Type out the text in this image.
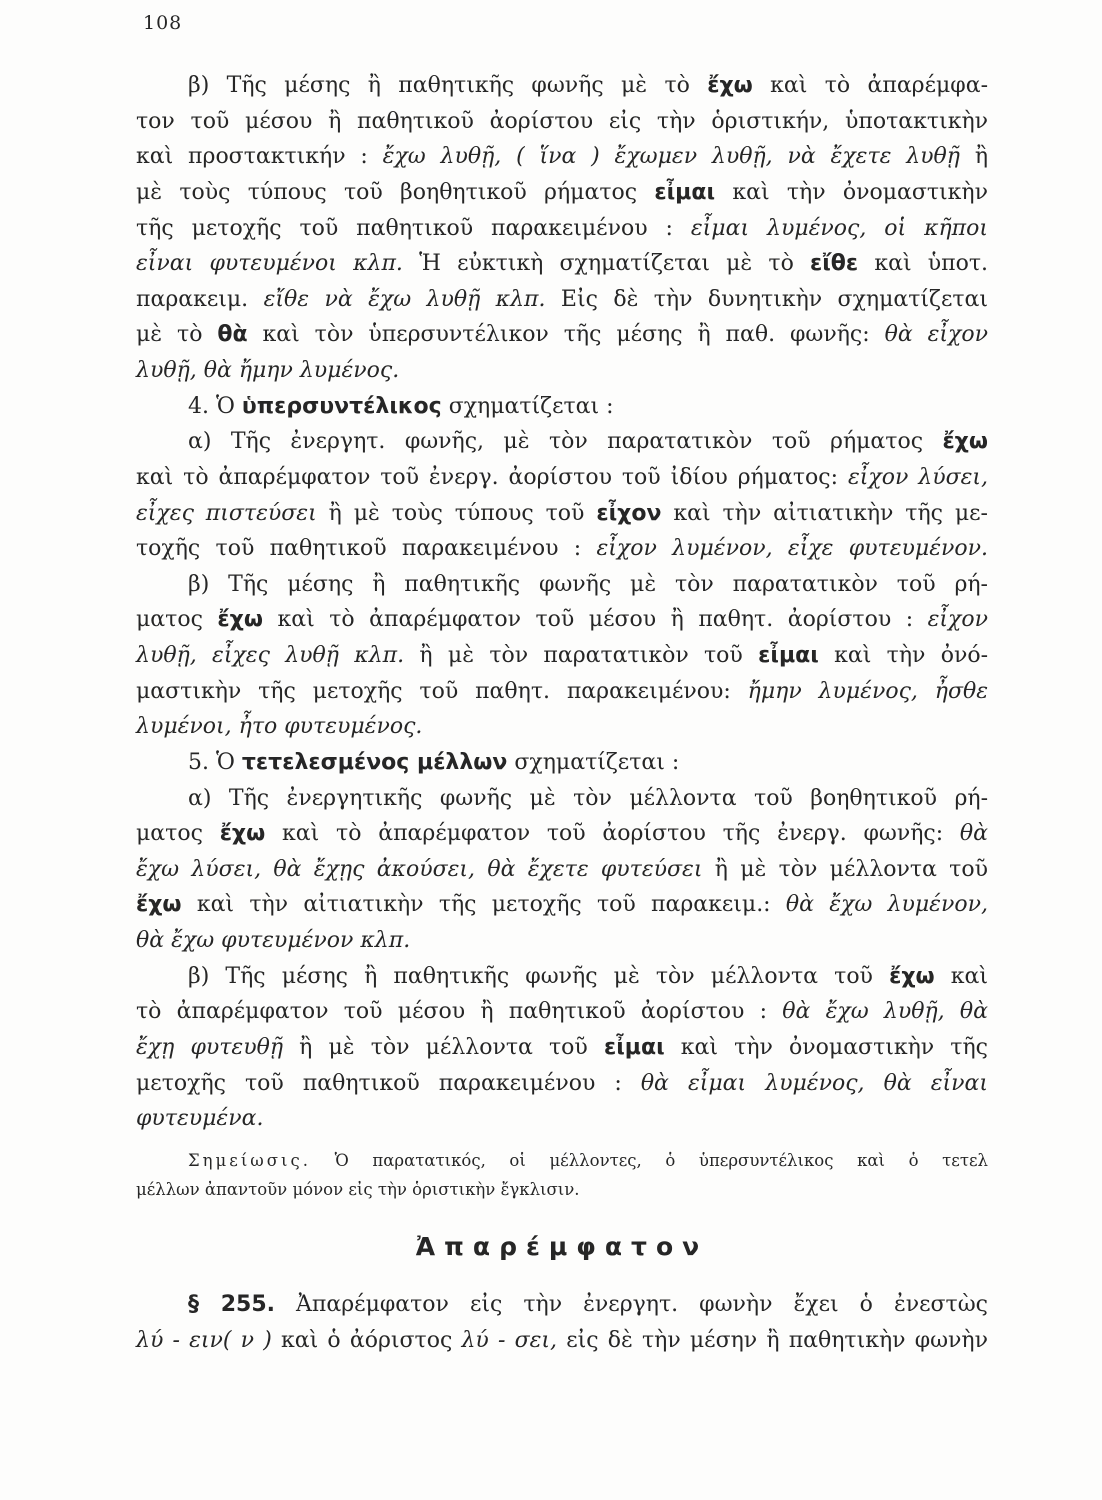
108
β) Τῆς μέσης ἢ παθητικῆς φωνῆς μὲ τὸ ἔχω καὶ τὸ ἀπαρέμφα-
τον τοῦ μέσου ἢ παθητικοῦ ἀορίστου εἰς τὴν ὁριστικήν, ὑποτακτικὴν
καὶ προστακτικήν : ἔχω λυθῇ, ( ἵνα ) ἔχωμεν λυθῇ, νὰ ἔχετε λυθῇ ἢ
μὲ τοὺς τύπους τοῦ βοηθητικοῦ ρήματος εἶμαι καὶ τὴν ὀνομαστικὴν
τῆς μετοχῆς τοῦ παθητικοῦ παρακειμένου : εἶμαι λυμένος, οἱ κῆποι
εἶναι φυτευμένοι κλπ. Ἡ εὐκτικὴ σχηματίζεται μὲ τὸ εἴθε καὶ ὑποτ.
παρακειμ. εἴθε νὰ ἔχω λυθῇ κλπ. Εἰς δὲ τὴν δυνητικὴν σχηματίζεται
μὲ τὸ θὰ καὶ τὸν ὑπερσυντέλικον τῆς μέσης ἢ παθ. φωνῆς: θὰ εἶχον
λυθῇ, θὰ ἤμην λυμένος.
4. Ὁ ὑπερσυντέλικος σχηματίζεται :
α) Τῆς ἐνεργητ. φωνῆς, μὲ τὸν παρατατικὸν τοῦ ρήματος ἔχω
καὶ τὸ ἀπαρέμφατον τοῦ ἐνεργ. ἀορίστου τοῦ ἰδίου ρήματος: εἶχον λύσει,
εἶχες πιστεύσει ἢ μὲ τοὺς τύπους τοῦ εἶχον καὶ τὴν αἰτιατικὴν τῆς με-
τοχῆς τοῦ παθητικοῦ παρακειμένου : εἶχον λυμένον, εἶχε φυτευμένον.
β) Τῆς μέσης ἢ παθητικῆς φωνῆς μὲ τὸν παρατατικὸν τοῦ ρή-
ματος ἔχω καὶ τὸ ἀπαρέμφατον τοῦ μέσου ἢ παθητ. ἀορίστου : εἶχον
λυθῇ, εἶχες λυθῇ κλπ. ἢ μὲ τὸν παρατατικὸν τοῦ εἶμαι καὶ τὴν ὀνό-
μαστικὴν τῆς μετοχῆς τοῦ παθητ. παρακειμένου: ἤμην λυμένος, ἦσθε
λυμένοι, ἦτο φυτευμένος.
5. Ὁ τετελεσμένος μέλλων σχηματίζεται :
α) Τῆς ἐνεργητικῆς φωνῆς μὲ τὸν μέλλοντα τοῦ βοηθητικοῦ ρή-
ματος ἔχω καὶ τὸ ἀπαρέμφατον τοῦ ἀορίστου τῆς ἐνεργ. φωνῆς: θὰ
ἔχω λύσει, θὰ ἔχῃς ἀκούσει, θὰ ἔχετε φυτεύσει ἢ μὲ τὸν μέλλοντα τοῦ
ἔχω καὶ τὴν αἰτιατικὴν τῆς μετοχῆς τοῦ παρακειμ.: θὰ ἔχω λυμένον,
θὰ ἔχω φυτευμένον κλπ.
β) Τῆς μέσης ἢ παθητικῆς φωνῆς μὲ τὸν μέλλοντα τοῦ ἔχω καὶ
τὸ ἀπαρέμφατον τοῦ μέσου ἢ παθητικοῦ ἀορίστου : θὰ ἔχω λυθῇ, θὰ
ἔχῃ φυτευθῇ ἢ μὲ τὸν μέλλοντα τοῦ εἶμαι καὶ τὴν ὀνομαστικὴν τῆς
μετοχῆς τοῦ παθητικοῦ παρακειμένου : θὰ εἶμαι λυμένος, θὰ εἶναι
φυτευμένα.
Σημείωσις. Ὁ παρατατικός, οἱ μέλλοντες, ὁ ὑπερσυντέλικος καὶ ὁ τετελ
μέλλων ἀπαντοῦν μόνον εἰς τὴν ὁριστικὴν ἔγκλισιν.
Ἀπαρέμφατον
§ 255. Ἀπαρέμφατον εἰς τὴν ἐνεργητ. φωνὴν ἔχει ὁ ἐνεστὼς
λύ - ειν( ν ) καὶ ὁ ἀόριστος λύ - σει, εἰς δὲ τὴν μέσην ἢ παθητικὴν φωνὴν
